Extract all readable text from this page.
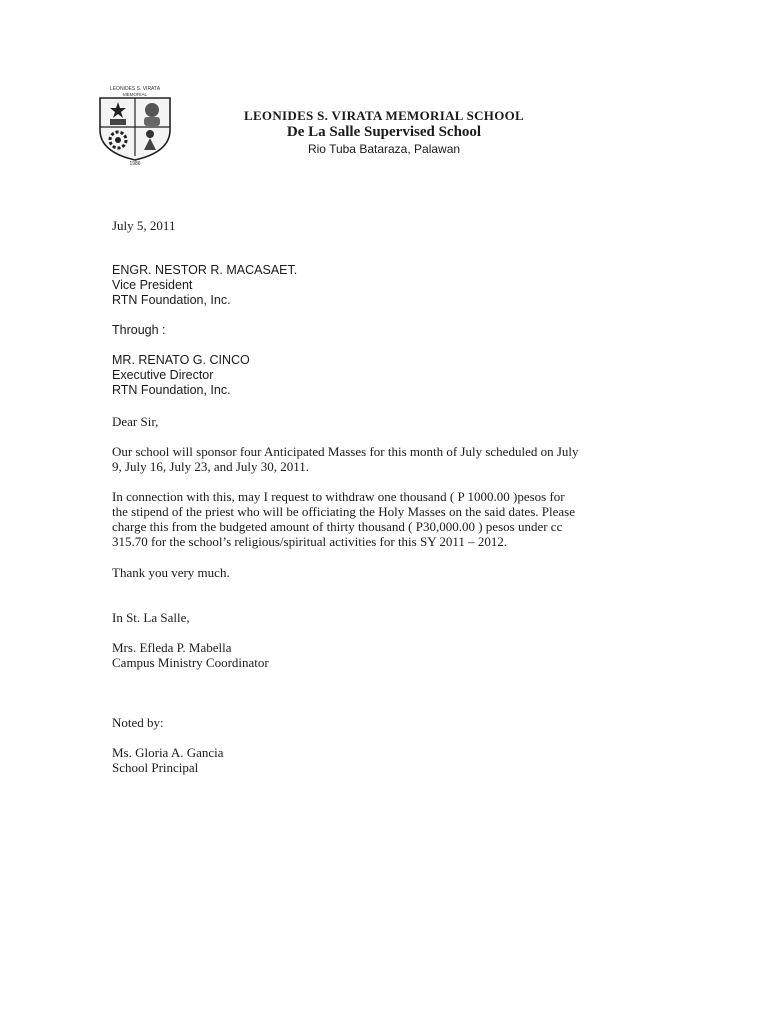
LEONIDES S. VIRATA
MEMORIAL
1986
LEONIDES S. VIRATA MEMORIAL SCHOOL
De La Salle Supervised School
Rio Tuba Bataraza, Palawan
July 5, 2011
ENGR. NESTOR R. MACASAET.
Vice President
RTN Foundation, Inc.
Through :
MR. RENATO G. CINCO
Executive Director
RTN Foundation, Inc.
Dear Sir,
Our school will sponsor four Anticipated Masses for this month of July scheduled on July
9, July 16, July 23, and July 30, 2011.
In connection with this, may I request to withdraw one thousand ( P 1000.00 )pesos for
the stipend of the priest who will be officiating the Holy Masses on the said dates. Please
charge this from the budgeted amount of thirty thousand ( P30,000.00 ) pesos under cc
315.70 for the school’s religious/spiritual activities for this SY 2011 – 2012.
Thank you very much.
In St. La Salle,
Mrs. Efleda P. Mabella
Campus Ministry Coordinator
Noted by:
Ms. Gloria A. Gancia
School Principal
